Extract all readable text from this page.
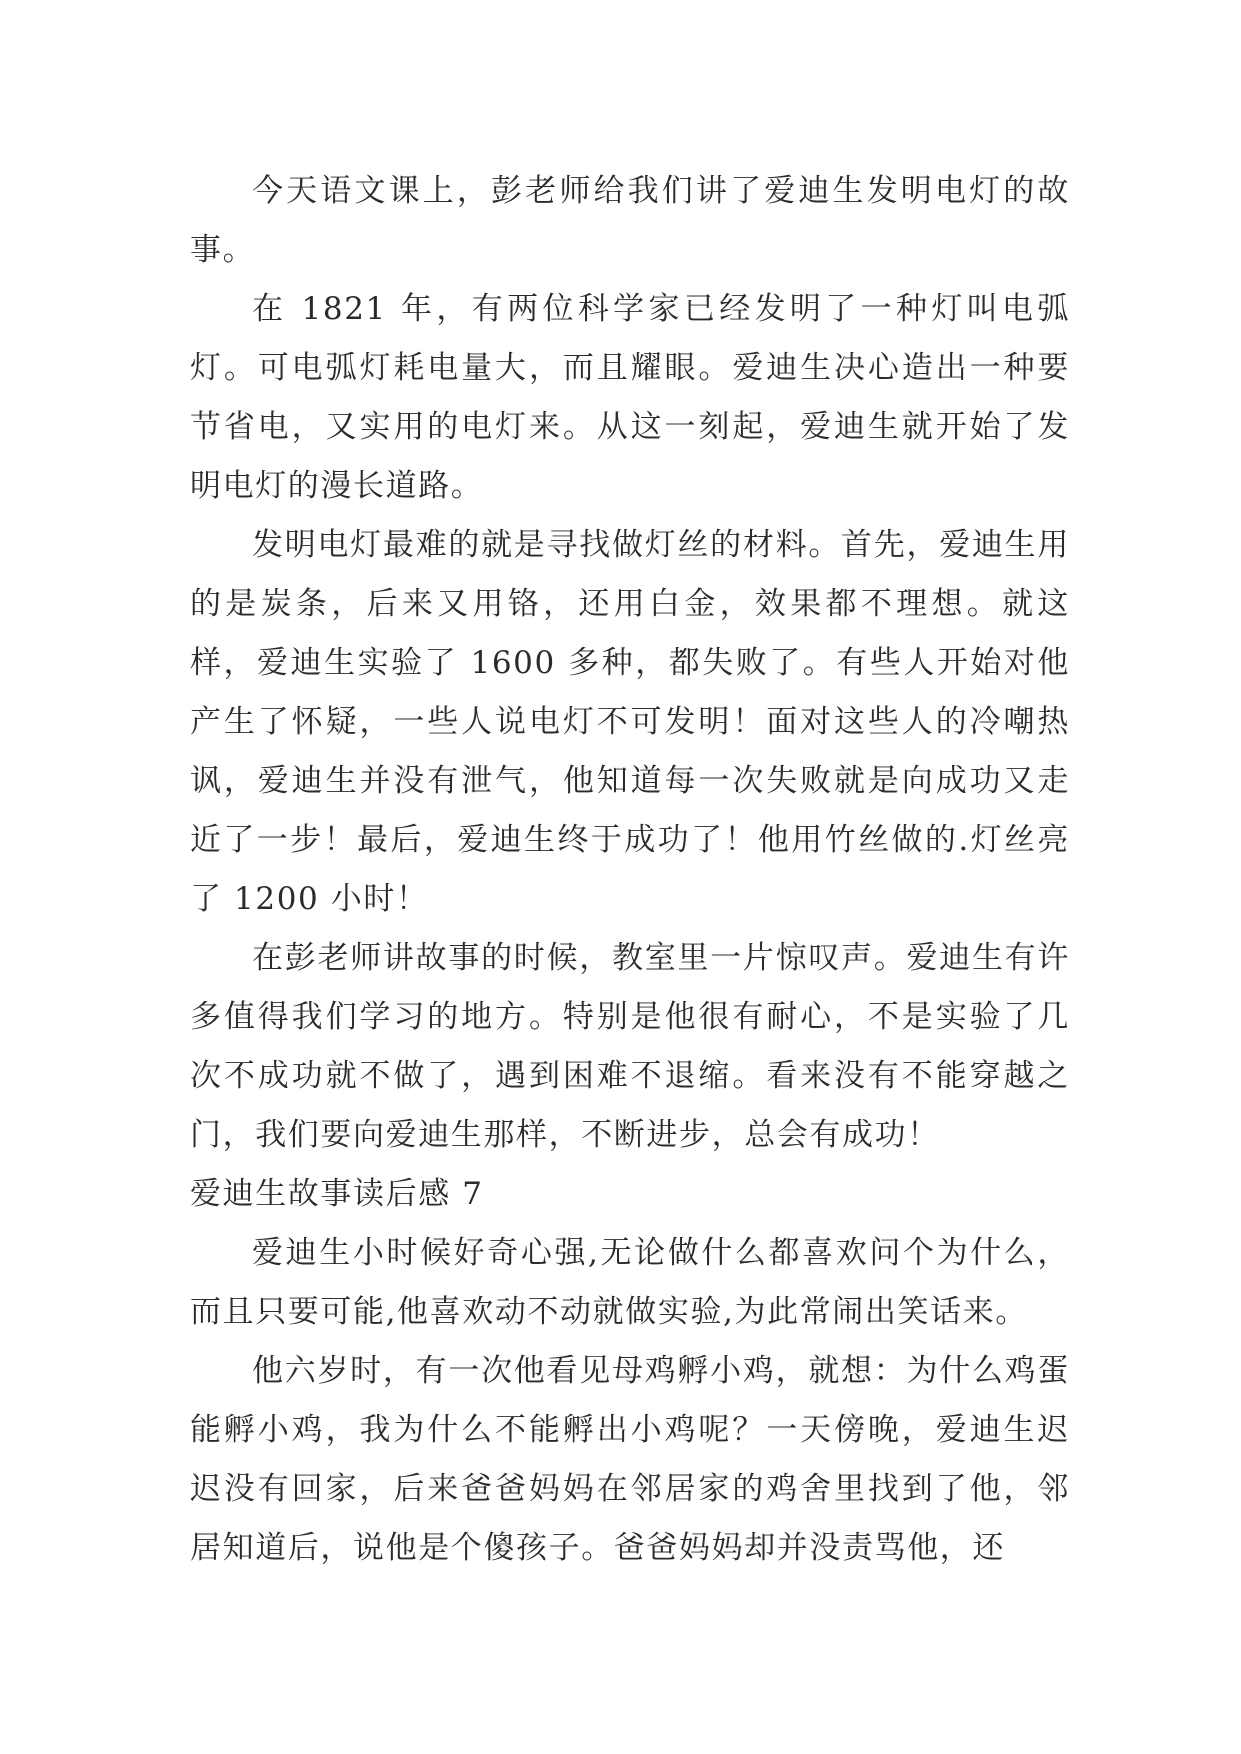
今天语文课上，彭老师给我们讲了爱迪生发明电灯的故事。

在 1821 年，有两位科学家已经发明了一种灯叫电弧灯。可电弧灯耗电量大，而且耀眼。爱迪生决心造出一种要节省电，又实用的电灯来。从这一刻起，爱迪生就开始了发明电灯的漫长道路。

发明电灯最难的就是寻找做灯丝的材料。首先，爱迪生用的是炭条，后来又用铬，还用白金，效果都不理想。就这样，爱迪生实验了 1600 多种，都失败了。有些人开始对他产生了怀疑，一些人说电灯不可发明！面对这些人的冷嘲热讽，爱迪生并没有泄气，他知道每一次失败就是向成功又走近了一步！最后，爱迪生终于成功了！他用竹丝做的.灯丝亮了 1200 小时！

在彭老师讲故事的时候，教室里一片惊叹声。爱迪生有许多值得我们学习的地方。特别是他很有耐心，不是实验了几次不成功就不做了，遇到困难不退缩。看来没有不能穿越之门，我们要向爱迪生那样，不断进步，总会有成功！

爱迪生故事读后感 7

爱迪生小时候好奇心强,无论做什么都喜欢问个为什么，而且只要可能,他喜欢动不动就做实验,为此常闹出笑话来。

他六岁时，有一次他看见母鸡孵小鸡，就想：为什么鸡蛋能孵小鸡，我为什么不能孵出小鸡呢？一天傍晚，爱迪生迟迟没有回家，后来爸爸妈妈在邻居家的鸡舍里找到了他，邻居知道后，说他是个傻孩子。爸爸妈妈却并没责骂他，还
